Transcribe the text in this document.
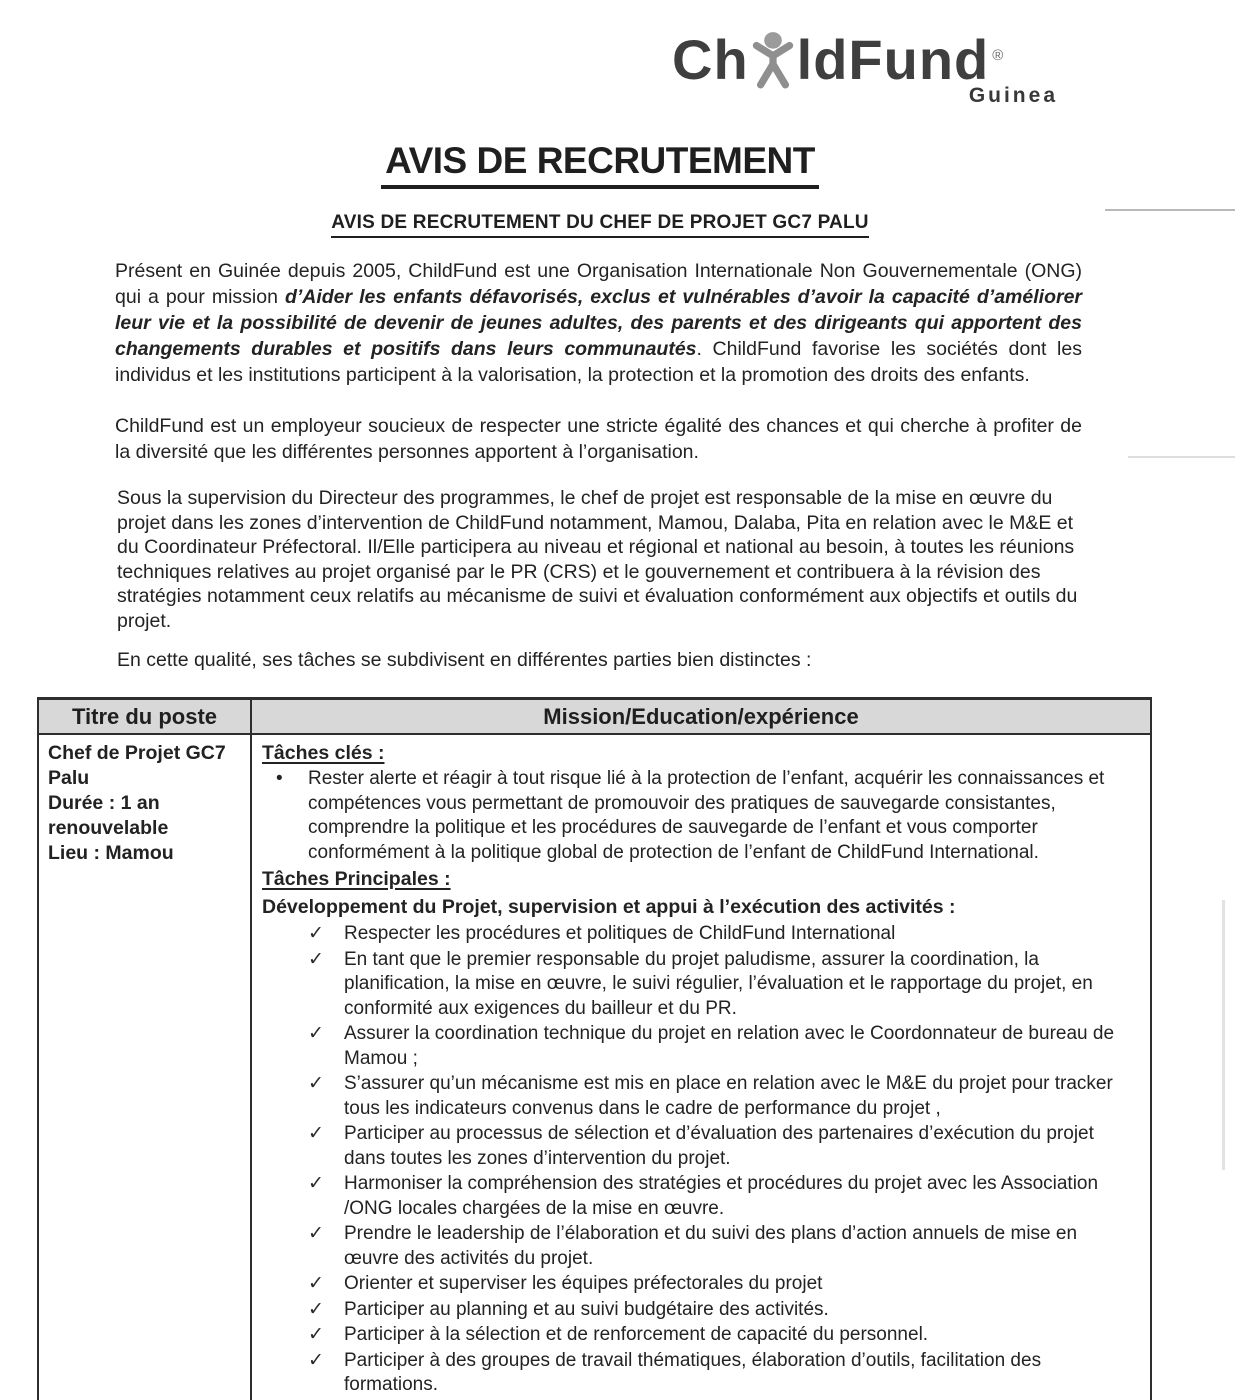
Ch ldFund ®
Guinea
AVIS DE RECRUTEMENT
AVIS DE RECRUTEMENT DU CHEF DE PROJET GC7 PALU

Présent en Guinée depuis 2005, ChildFund est une Organisation Internationale Non Gouvernementale (ONG) qui a pour mission d’Aider les enfants défavorisés, exclus et vulnérables d’avoir la capacité d’améliorer leur vie et la possibilité de devenir de jeunes adultes, des parents et des dirigeants qui apportent des changements durables et positifs dans leurs communautés. ChildFund favorise les sociétés dont les individus et les institutions participent à la valorisation, la protection et la promotion des droits des enfants.

ChildFund est un employeur soucieux de respecter une stricte égalité des chances et qui cherche à profiter de la diversité que les différentes personnes apportent à l’organisation.

Sous la supervision du Directeur des programmes, le chef de projet est responsable de la mise en œuvre du projet dans les zones d’intervention de ChildFund notamment, Mamou, Dalaba, Pita en relation avec le M&E et du Coordinateur Préfectoral. Il/Elle participera au niveau et régional et national au besoin, à toutes les réunions techniques relatives au projet organisé par le PR (CRS) et le gouvernement et contribuera à la révision des stratégies notamment ceux relatifs au mécanisme de suivi et évaluation conformément aux objectifs et outils du projet.

En cette qualité, ses tâches se subdivisent en différentes parties bien distinctes :

Titre du poste	Mission/Education/expérience

Chef de Projet GC7 Palu
Durée : 1 an renouvelable
Lieu : Mamou

Tâches clés :
•	Rester alerte et réagir à tout risque lié à la protection de l’enfant, acquérir les connaissances et compétences vous permettant de promouvoir des pratiques de sauvegarde consistantes, comprendre la politique et les procédures de sauvegarde de l’enfant et vous comporter conformément à la politique global de protection de l’enfant de ChildFund International.
Tâches Principales :
Développement du Projet, supervision et appui à l’exécution des activités :
✓	Respecter les procédures et politiques de ChildFund International
✓	En tant que le premier responsable du projet paludisme, assurer la coordination, la planification, la mise en œuvre, le suivi régulier, l’évaluation et le rapportage du projet, en conformité aux exigences du bailleur et du PR.
✓	Assurer la coordination technique du projet en relation avec le Coordonnateur de bureau de Mamou ;
✓	S’assurer qu’un mécanisme est mis en place en relation avec le M&E du projet pour tracker tous les indicateurs convenus dans le cadre de performance du projet ,
✓	Participer au processus de sélection et d’évaluation des partenaires d’exécution du projet dans toutes les zones d’intervention du projet.
✓	Harmoniser la compréhension des stratégies et procédures du projet avec les Association /ONG locales chargées de la mise en œuvre.
✓	Prendre le leadership de l’élaboration et du suivi des plans d’action annuels de mise en œuvre des activités du projet.
✓	Orienter et superviser les équipes préfectorales du projet
✓	Participer au planning et au suivi budgétaire des activités.
✓	Participer à la sélection et de renforcement de capacité du personnel.
✓	Participer à des groupes de travail thématiques, élaboration d’outils, facilitation des formations.
